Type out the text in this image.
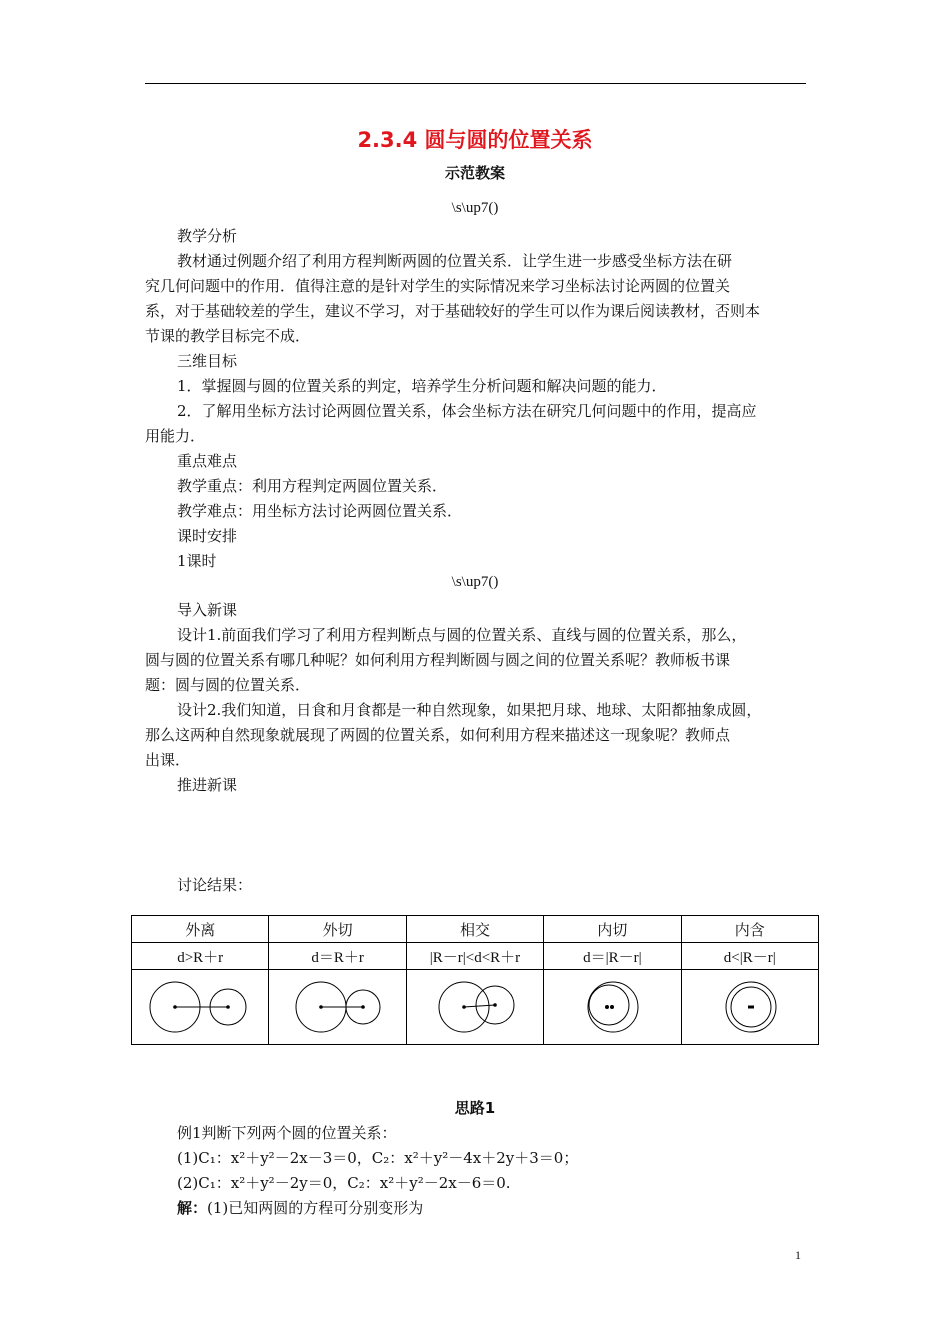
2.3.4 圆与圆的位置关系
示范教案
\s\up7()
教学分析
教材通过例题介绍了利用方程判断两圆的位置关系．让学生进一步感受坐标方法在研
究几何问题中的作用．值得注意的是针对学生的实际情况来学习坐标法讨论两圆的位置关
系，对于基础较差的学生，建议不学习，对于基础较好的学生可以作为课后阅读教材，否则本
节课的教学目标完不成．
三维目标
1．掌握圆与圆的位置关系的判定，培养学生分析问题和解决问题的能力．
2．了解用坐标方法讨论两圆位置关系，体会坐标方法在研究几何问题中的作用，提高应
用能力．
重点难点
教学重点：利用方程判定两圆位置关系．
教学难点：用坐标方法讨论两圆位置关系．
课时安排
1课时
\s\up7()
导入新课
设计1.前面我们学习了利用方程判断点与圆的位置关系、直线与圆的位置关系，那么，
圆与圆的位置关系有哪几种呢？如何利用方程判断圆与圆之间的位置关系呢？教师板书课
题：圆与圆的位置关系．
设计2.我们知道，日食和月食都是一种自然现象，如果把月球、地球、太阳都抽象成圆，
那么这两种自然现象就展现了两圆的位置关系，如何利用方程来描述这一现象呢？教师点
出课．
推进新课
讨论结果：
外离	外切	相交	内切	内含
d>R＋r	d＝R＋r	|R－r|<d<R＋r	d＝|R－r|	d<|R－r|

思路1
例1判断下列两个圆的位置关系：
(1)C₁：x²＋y²－2x－3＝0，C₂：x²＋y²－4x＋2y＋3＝0；
(2)C₁：x²＋y²－2y＝0，C₂：x²＋y²－2x－6＝0.
解：(1)已知两圆的方程可分别变形为
1
